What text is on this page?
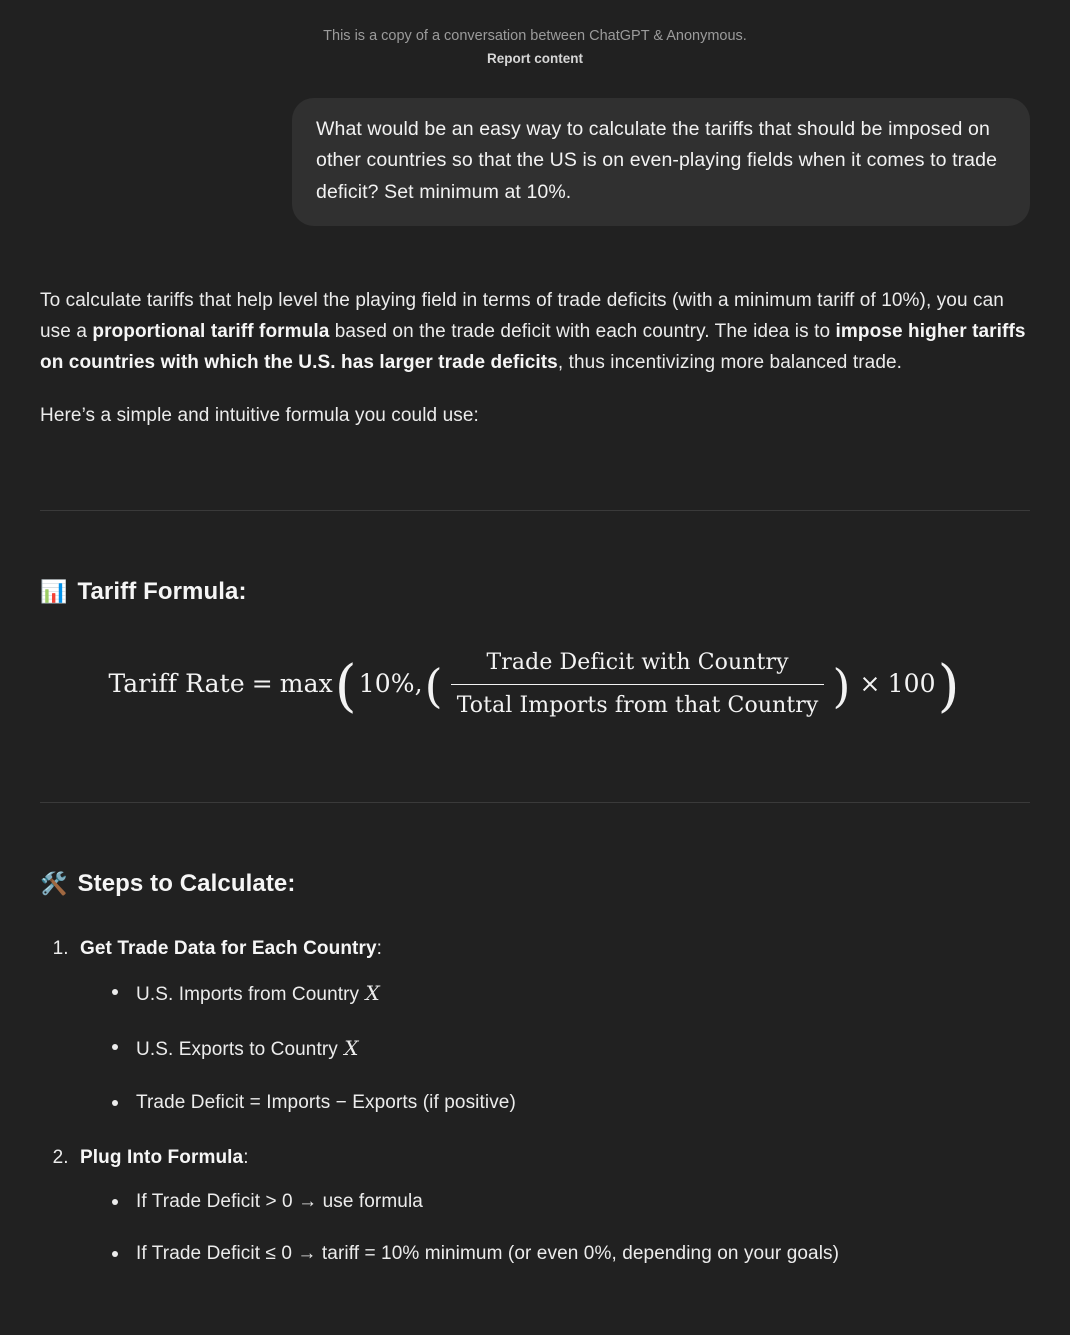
This is a copy of a conversation between ChatGPT & Anonymous.
Report content
What would be an easy way to calculate the tariffs that should be imposed on other countries so that the US is on even-playing fields when it comes to trade deficit? Set minimum at 10%.

To calculate tariffs that help level the playing field in terms of trade deficits (with a minimum tariff of 10%), you can use a proportional tariff formula based on the trade deficit with each country. The idea is to impose higher tariffs on countries with which the U.S. has larger trade deficits, thus incentivizing more balanced trade.

Here’s a simple and intuitive formula you could use:

📊 Tariff Formula:
Tariff Rate = max ( 10%, ( $\frac{\text{Trade Deficit with Country}}{\text{Total Imports from that Country}}$ ) × 100 )
🛠️ Steps to Calculate:
1. Get Trade Data for Each Country:
U.S. Imports from Country X
U.S. Exports to Country X
Trade Deficit = Imports − Exports (if positive)
2. Plug Into Formula:
If Trade Deficit > 0 → use formula
If Trade Deficit ≤ 0 → tariff = 10% minimum (or even 0%, depending on your goals)
